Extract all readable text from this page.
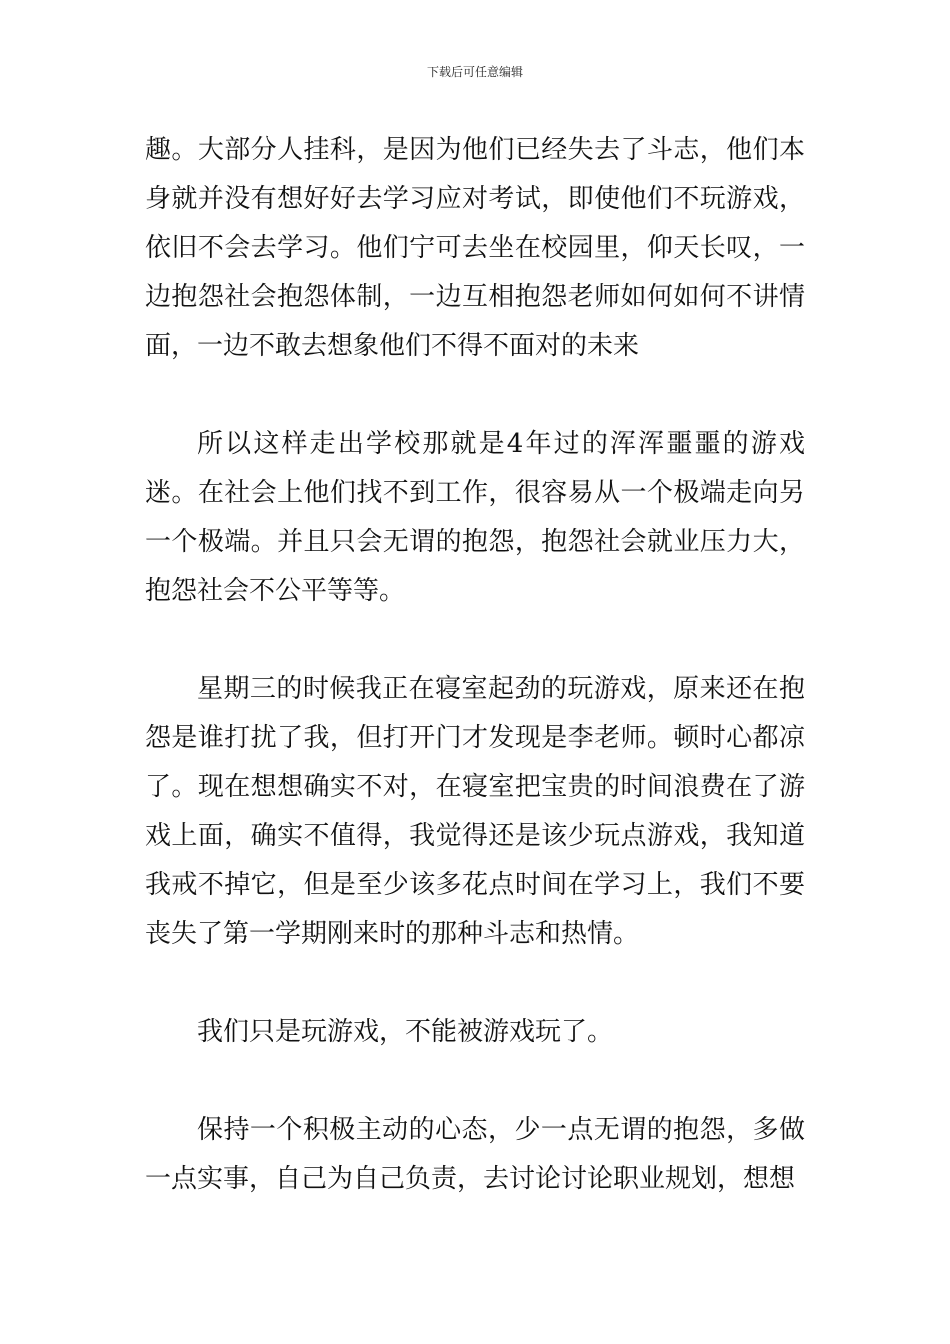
下载后可任意编辑

趣。大部分人挂科，是因为他们已经失去了斗志，他们本身就并没有想好好去学习应对考试，即使他们不玩游戏，依旧不会去学习。他们宁可去坐在校园里，仰天长叹，一边抱怨社会抱怨体制，一边互相抱怨老师如何如何不讲情面，一边不敢去想象他们不得不面对的未来

所以这样走出学校那就是4年过的浑浑噩噩的游戏迷。在社会上他们找不到工作，很容易从一个极端走向另一个极端。并且只会无谓的抱怨，抱怨社会就业压力大，抱怨社会不公平等等。

星期三的时候我正在寝室起劲的玩游戏，原来还在抱怨是谁打扰了我，但打开门才发现是李老师。顿时心都凉了。现在想想确实不对，在寝室把宝贵的时间浪费在了游戏上面，确实不值得，我觉得还是该少玩点游戏，我知道我戒不掉它，但是至少该多花点时间在学习上，我们不要丧失了第一学期刚来时的那种斗志和热情。

我们只是玩游戏，不能被游戏玩了。

保持一个积极主动的心态，少一点无谓的抱怨，多做一点实事，自己为自己负责，去讨论讨论职业规划，想想
